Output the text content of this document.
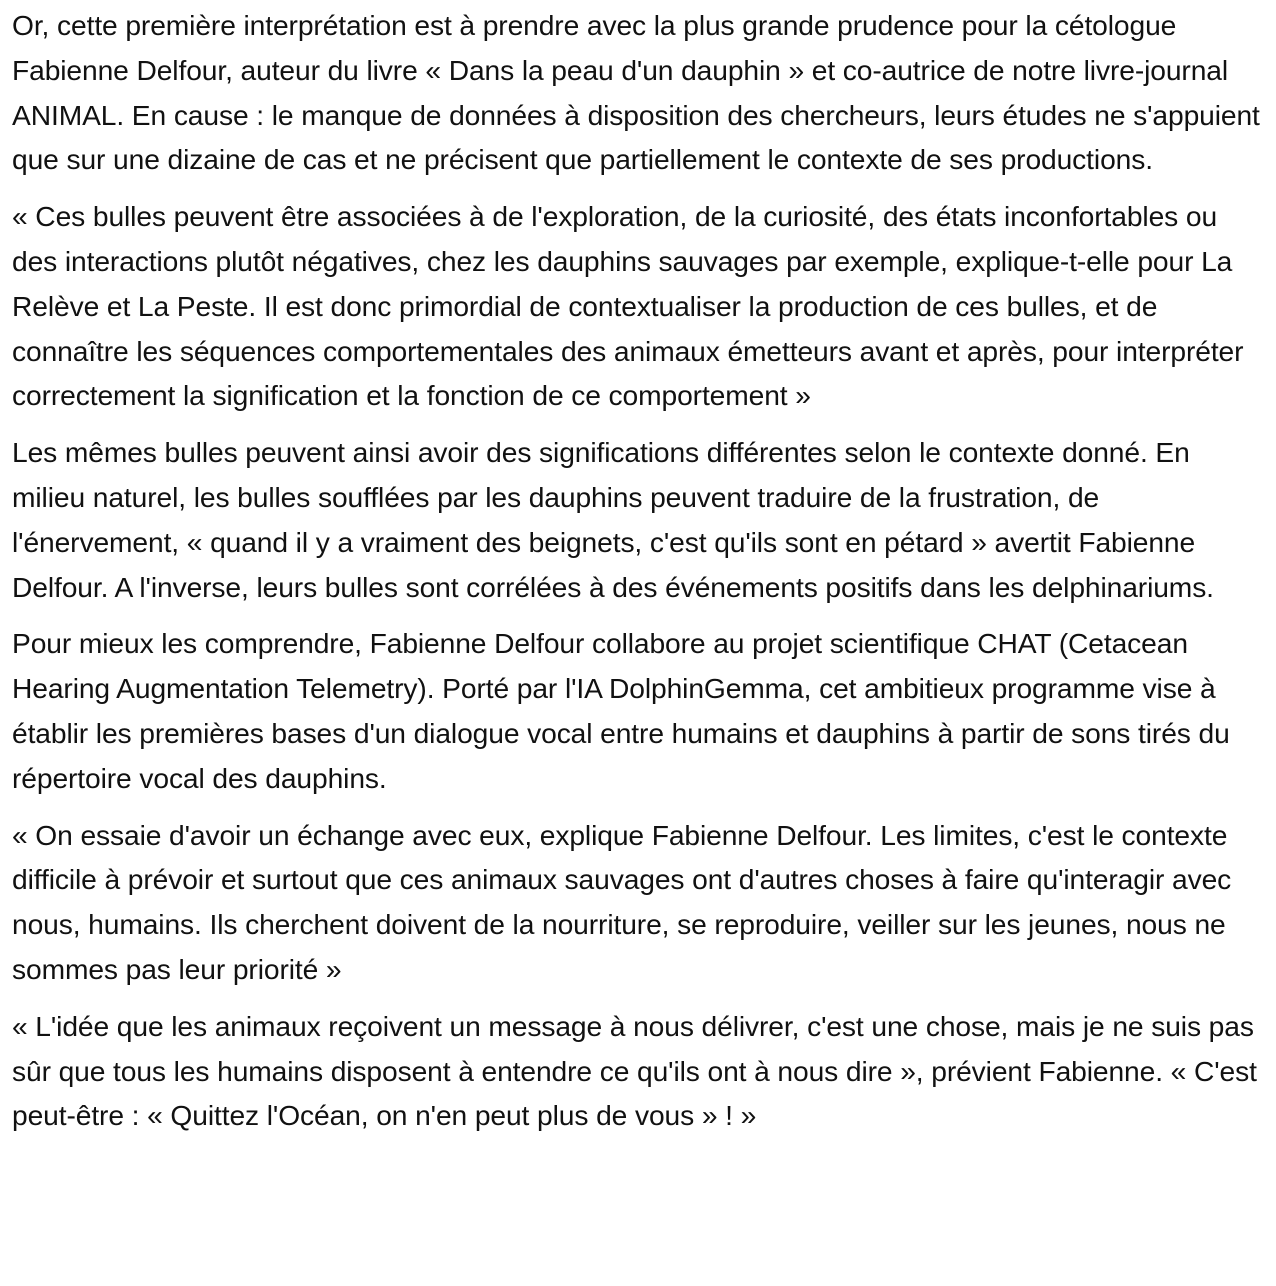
Or, cette première interprétation est à prendre avec la plus grande prudence pour la cétologue Fabienne Delfour, auteur du livre « Dans la peau d'un dauphin » et co-autrice de notre livre-journal ANIMAL. En cause : le manque de données à disposition des chercheurs, leurs études ne s'appuient que sur une dizaine de cas et ne précisent que partiellement le contexte de ses productions.

« Ces bulles peuvent être associées à de l'exploration, de la curiosité, des états inconfortables ou des interactions plutôt négatives, chez les dauphins sauvages par exemple, explique-t-elle pour La Relève et La Peste. Il est donc primordial de contextualiser la production de ces bulles, et de connaître les séquences comportementales des animaux émetteurs avant et après, pour interpréter correctement la signification et la fonction de ce comportement »

Les mêmes bulles peuvent ainsi avoir des significations différentes selon le contexte donné. En milieu naturel, les bulles soufflées par les dauphins peuvent traduire de la frustration, de l'énervement, « quand il y a vraiment des beignets, c'est qu'ils sont en pétard » avertit Fabienne Delfour. A l'inverse, leurs bulles sont corrélées à des événements positifs dans les delphinariums.

Pour mieux les comprendre, Fabienne Delfour collabore au projet scientifique CHAT (Cetacean Hearing Augmentation Telemetry). Porté par l'IA DolphinGemma, cet ambitieux programme vise à établir les premières bases d'un dialogue vocal entre humains et dauphins à partir de sons tirés du répertoire vocal des dauphins.

« On essaie d'avoir un échange avec eux, explique Fabienne Delfour. Les limites, c'est le contexte difficile à prévoir et surtout que ces animaux sauvages ont d'autres choses à faire qu'interagir avec nous, humains. Ils cherchent doivent de la nourriture, se reproduire, veiller sur les jeunes, nous ne sommes pas leur priorité »

« L'idée que les animaux reçoivent un message à nous délivrer, c'est une chose, mais je ne suis pas sûr que tous les humains disposent à entendre ce qu'ils ont à nous dire », prévient Fabienne. « C'est peut-être : « Quittez l'Océan, on n'en peut plus de vous » ! »
